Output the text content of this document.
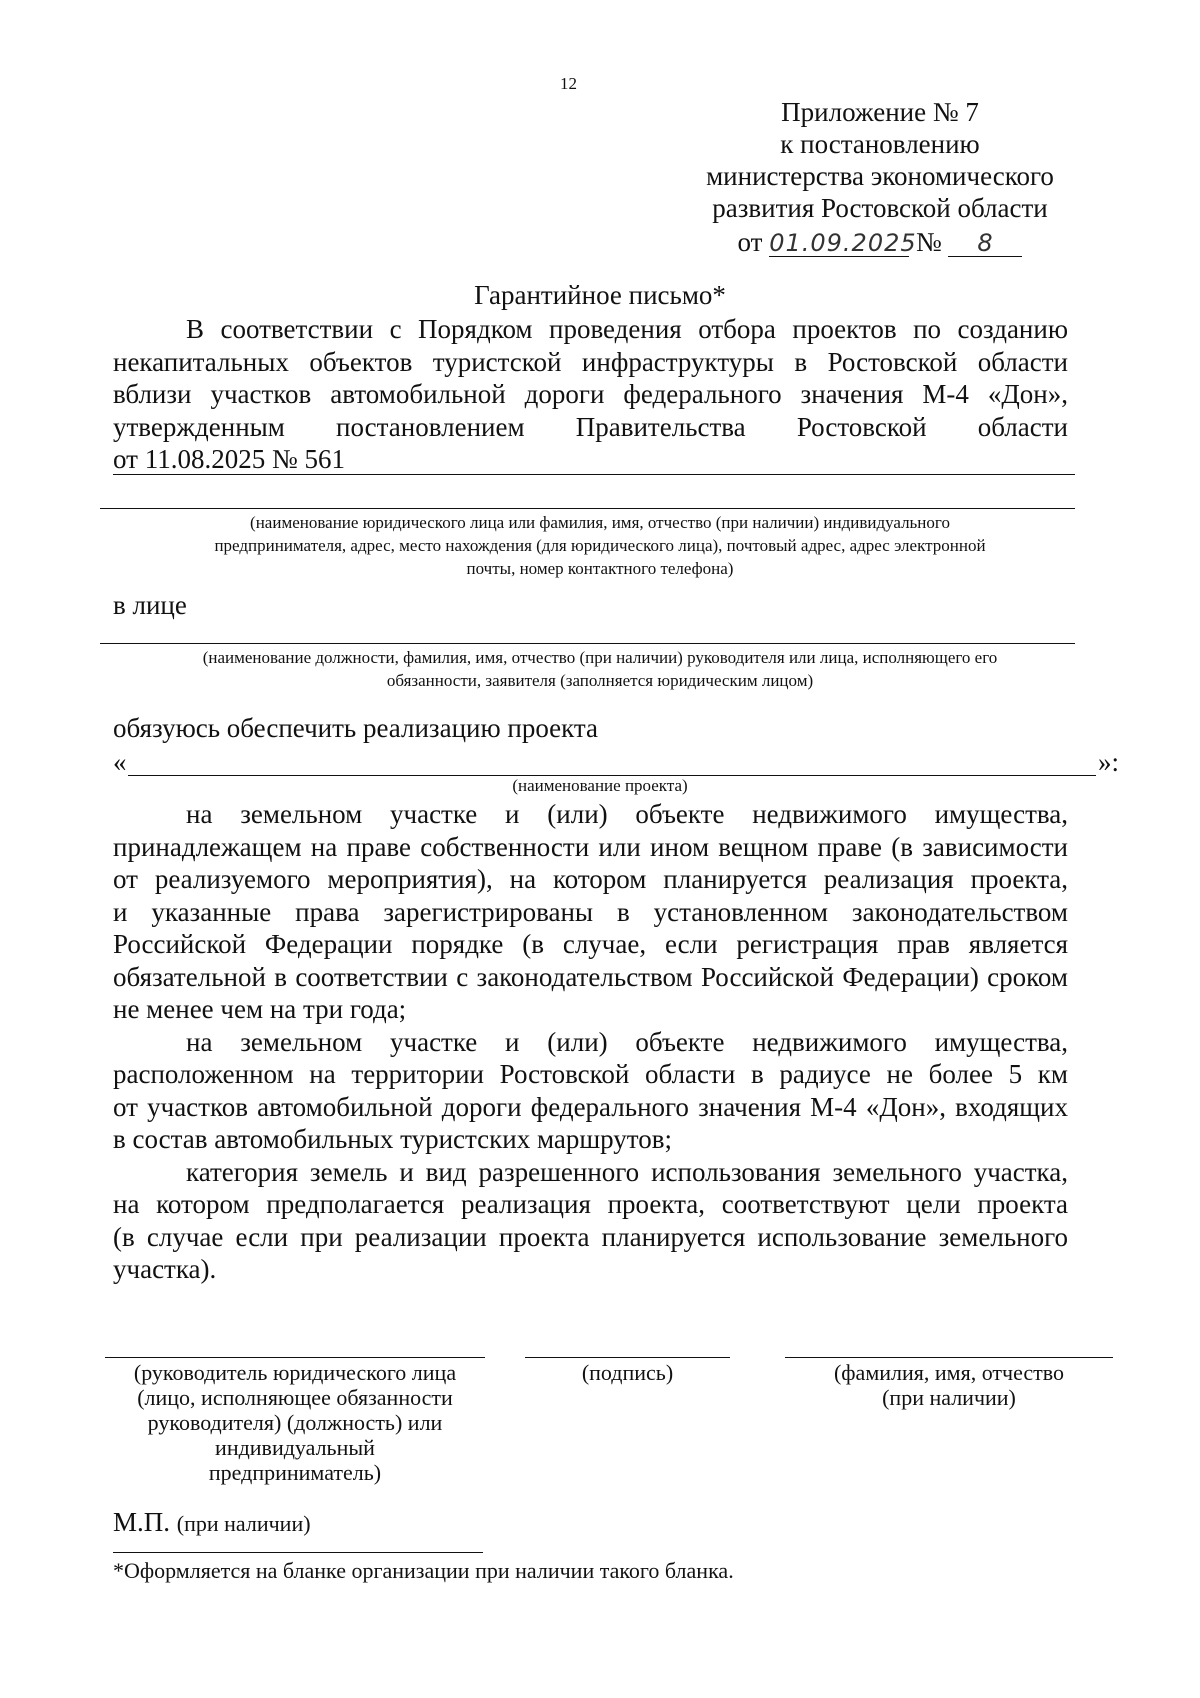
12
Приложение № 7
к постановлению
министерства экономического
развития Ростовской области
от 01.09.2025 № 8
Гарантийное письмо*
В соответствии с Порядком проведения отбора проектов по созданию
некапитальных объектов туристской инфраструктуры в Ростовской области
вблизи участков автомобильной дороги федерального значения М-4 «Дон»,
утвержденным постановлением Правительства Ростовской области
от 11.08.2025 № 561
(наименование юридического лица или фамилия, имя, отчество (при наличии) индивидуального
предпринимателя, адрес, место нахождения (для юридического лица), почтовый адрес, адрес электронной
почты, номер контактного телефона)
в лице
(наименование должности, фамилия, имя, отчество (при наличии) руководителя или лица, исполняющего его
обязанности, заявителя (заполняется юридическим лицом)
обязуюсь обеспечить реализацию проекта
«	»:
(наименование проекта)
на земельном участке и (или) объекте недвижимого имущества,
принадлежащем на праве собственности или ином вещном праве (в зависимости
от реализуемого мероприятия), на котором планируется реализация проекта,
и указанные права зарегистрированы в установленном законодательством
Российской Федерации порядке (в случае, если регистрация прав является
обязательной в соответствии с законодательством Российской Федерации) сроком
не менее чем на три года;
на земельном участке и (или) объекте недвижимого имущества,
расположенном на территории Ростовской области в радиусе не более 5 км
от участков автомобильной дороги федерального значения М-4 «Дон», входящих
в состав автомобильных туристских маршрутов;
категория земель и вид разрешенного использования земельного участка,
на котором предполагается реализация проекта, соответствуют цели проекта
(в случае если при реализации проекта планируется использование земельного
участка).
(руководитель юридического лица
(лицо, исполняющее обязанности
руководителя) (должность) или
индивидуальный
предприниматель)
(подпись)	(фамилия, имя, отчество
(при наличии)
М.П. (при наличии)
*Оформляется на бланке организации при наличии такого бланка.
